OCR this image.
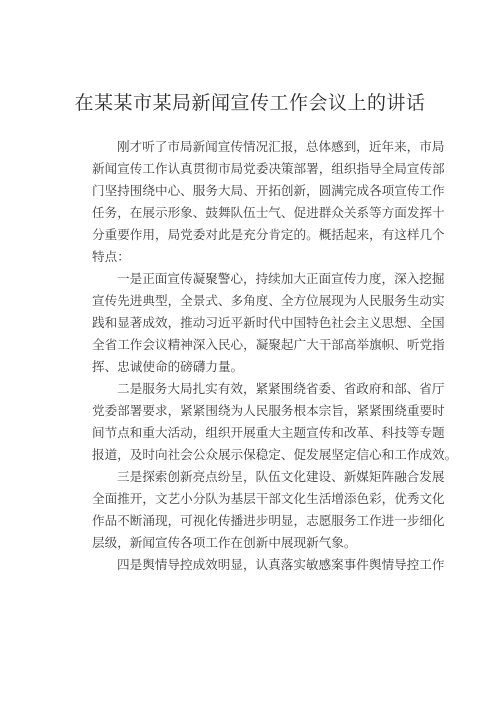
在某某市某局新闻宣传工作会议上的讲话
刚才听了市局新闻宣传情况汇报，总体感到，近年来，市局
新闻宣传工作认真贯彻市局党委决策部署，组织指导全局宣传部
门坚持围绕中心、服务大局、开拓创新，圆满完成各项宣传工作
任务，在展示形象、鼓舞队伍士气、促进群众关系等方面发挥十
分重要作用，局党委对此是充分肯定的。概括起来，有这样几个
特点：
一是正面宣传凝聚警心，持续加大正面宣传力度，深入挖掘
宣传先进典型，全景式、多角度、全方位展现为人民服务生动实
践和显著成效，推动习近平新时代中国特色社会主义思想、全国
全省工作会议精神深入民心，凝聚起广大干部高举旗帜、听党指
挥、忠诚使命的磅礴力量。
二是服务大局扎实有效，紧紧围绕省委、省政府和部、省厅
党委部署要求，紧紧围绕为人民服务根本宗旨，紧紧围绕重要时
间节点和重大活动，组织开展重大主题宣传和改革、科技等专题
报道，及时向社会公众展示保稳定、促发展坚定信心和工作成效。
三是探索创新亮点纷呈，队伍文化建设、新媒矩阵融合发展
全面推开，文艺小分队为基层干部文化生活增添色彩，优秀文化
作品不断涌现，可视化传播进步明显，志愿服务工作进一步细化
层级，新闻宣传各项工作在创新中展现新气象。
四是舆情导控成效明显，认真落实敏感案事件舆情导控工作
